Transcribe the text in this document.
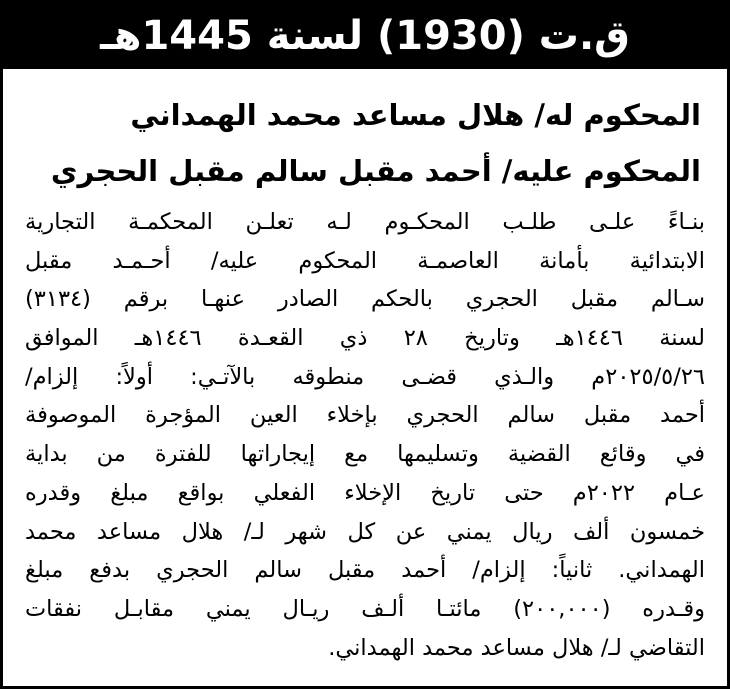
ق.ت (1930) لسنة 1445هـ
المحكوم له/ هلال مساعد محمد الهمداني
المحكوم عليه/ أحمد مقبل سالم مقبل الحجري
بنـاءً علـى طلـب المحكـوم لـه تعلـن المحكمـة التجارية
الابتدائية بأمانة العاصمـة المحكوم عليه/ أحـمـد مقبل
سـالم مقبل الحجري بالحكم الصادر عنهـا برقم (٣١٣٤)
لسنة ١٤٤٦هـ وتاريخ ٢٨ ذي القعـدة ١٤٤٦هـ الموافق
٢٠٢٥/٥/٢٦م والـذي قضـى منطوقه بالآتـي: أولاً: إلزام/
أحمد مقبل سالم الحجري بإخلاء العين المؤجرة الموصوفة
في وقائع القضية وتسليمها مع إيجاراتها للفترة من بداية
عـام ٢٠٢٢م حتى تاريخ الإخلاء الفعلي بواقع مبلغ وقدره
خمسون ألف ريال يمني عن كل شهر لـ/ هلال مساعد محمد
الهمداني. ثانياً: إلزام/ أحمد مقبل سالم الحجري بدفع مبلغ
وقـدره (٢٠٠,٠٠٠) مائتـا ألـف ريـال يمني مقابـل نفقات
التقاضي لـ/ هلال مساعد محمد الهمداني.
